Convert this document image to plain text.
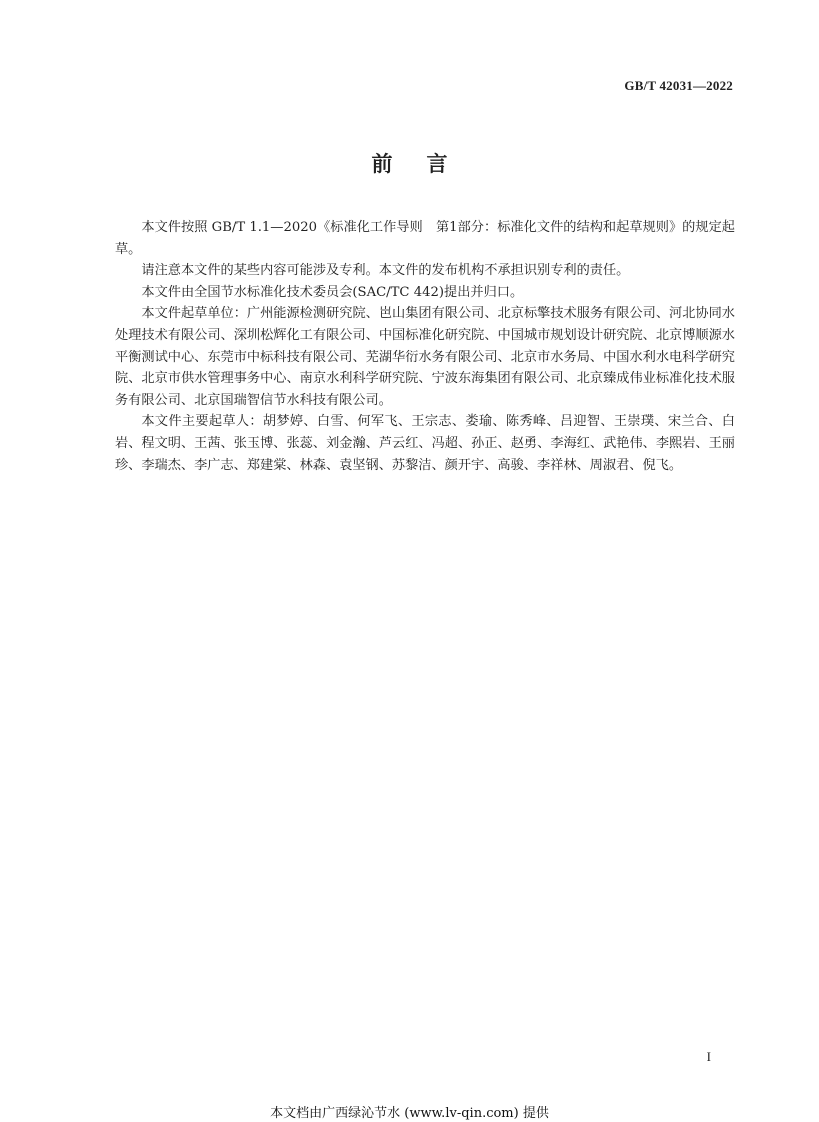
GB/T 42031—2022
前言

本文件按照 GB/T 1.1—2020《标准化工作导则　第1部分：标准化文件的结构和起草规则》的规定起草。

请注意本文件的某些内容可能涉及专利。本文件的发布机构不承担识别专利的责任。

本文件由全国节水标准化技术委员会(SAC/TC 442)提出并归口。

本文件起草单位：广州能源检测研究院、岜山集团有限公司、北京标擎技术服务有限公司、河北协同水处理技术有限公司、深圳松辉化工有限公司、中国标准化研究院、中国城市规划设计研究院、北京博顺源水平衡测试中心、东莞市中标科技有限公司、芜湖华衍水务有限公司、北京市水务局、中国水利水电科学研究院、北京市供水管理事务中心、南京水利科学研究院、宁波东海集团有限公司、北京臻成伟业标准化技术服务有限公司、北京国瑞智信节水科技有限公司。

本文件主要起草人：胡梦婷、白雪、何军飞、王宗志、娄瑜、陈秀峰、吕迎智、王崇璞、宋兰合、白岩、程文明、王茜、张玉博、张蕊、刘金瀚、芦云红、冯超、孙正、赵勇、李海红、武艳伟、李熙岩、王丽珍、李瑞杰、李广志、郑建棠、林森、袁坚钢、苏黎洁、颜开宇、高骏、李祥林、周淑君、倪飞。

I
本文档由广西绿沁节水 (www.lv-qin.com) 提供
